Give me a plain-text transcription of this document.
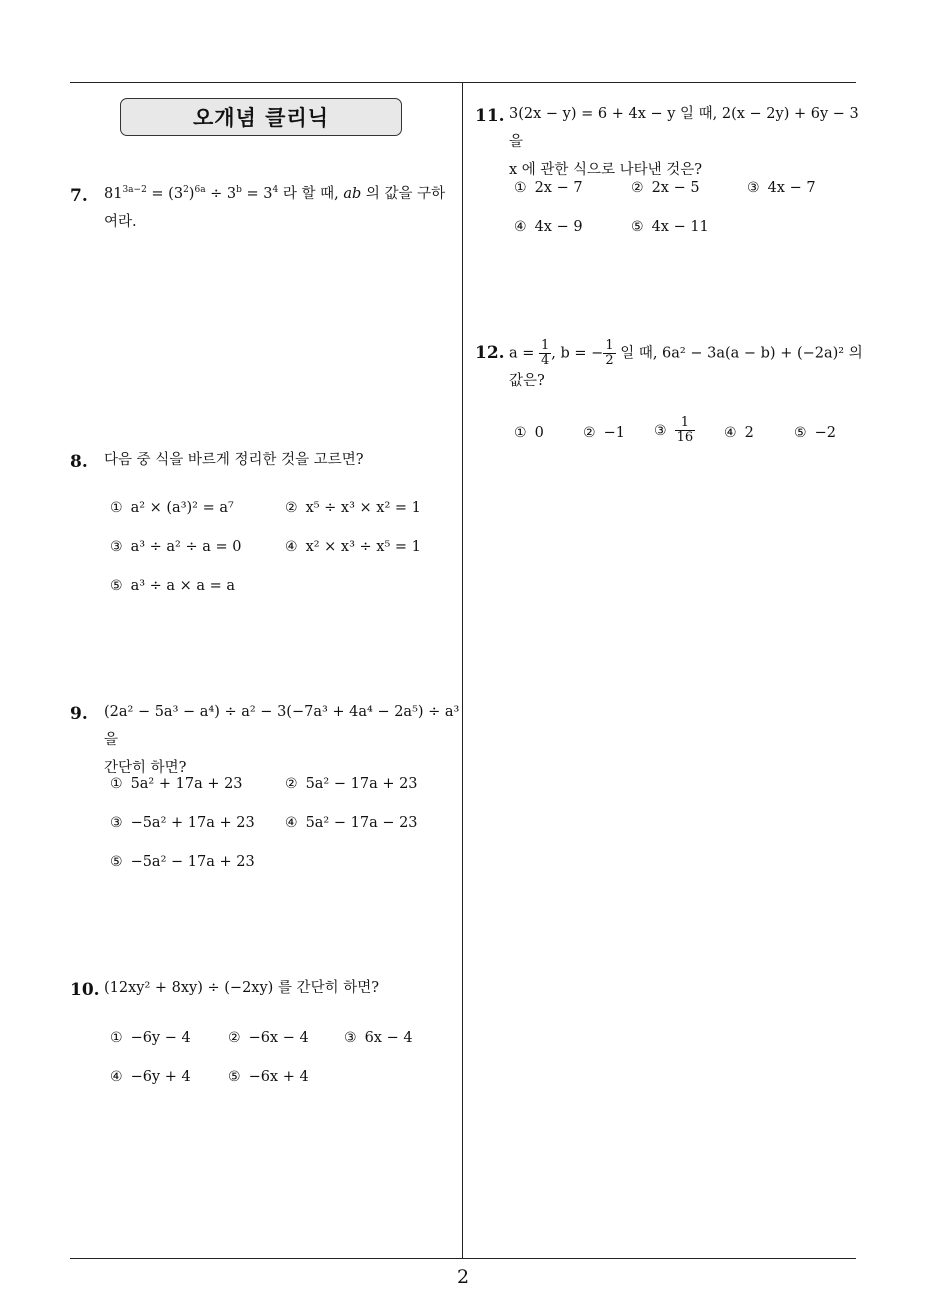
오개념 클리닉
7. $81^{3a-2} = (3^2)^{6a} \div 3^b = 3^4$ 라 할 때, ab 의 값을 구하
여라.
8. 다음 중 식을 바르게 정리한 것을 고르면?
① a² × (a³)² = a⁷	② x⁵ ÷ x³ × x² = 1
③ a³ ÷ a² ÷ a = 0	④ x² × x³ ÷ x⁵ = 1
⑤ a³ ÷ a × a = a
9. (2a² − 5a³ − a⁴) ÷ a² − 3(−7a³ + 4a⁴ − 2a⁵) ÷ a³ 을
간단히 하면?
① 5a² + 17a + 23	② 5a² − 17a + 23
③ −5a² + 17a + 23 ④ 5a² − 17a − 23
⑤ −5a² − 17a + 23
10. (12xy² + 8xy) ÷ (−2xy) 를 간단히 하면?
① −6y − 4	② −6x − 4	③ 6x − 4
④ −6y + 4	⑤ −6x + 4
11. 3(2x − y) = 6 + 4x − y 일 때, 2(x − 2y) + 6y − 3 을
x 에 관한 식으로 나타낸 것은?
① 2x − 7	② 2x − 5	③ 4x − 7
④ 4x − 9	⑤ 4x − 11
12. $a = \frac{1}{4}$ , b = − $\frac{1}{2}$ 일 때, 6a² − 3a(a − b) + (−2a)² 의
값은?
① 0	② −1 ③ $\frac{1}{16}$ ④ 2	⑤ −2
2
